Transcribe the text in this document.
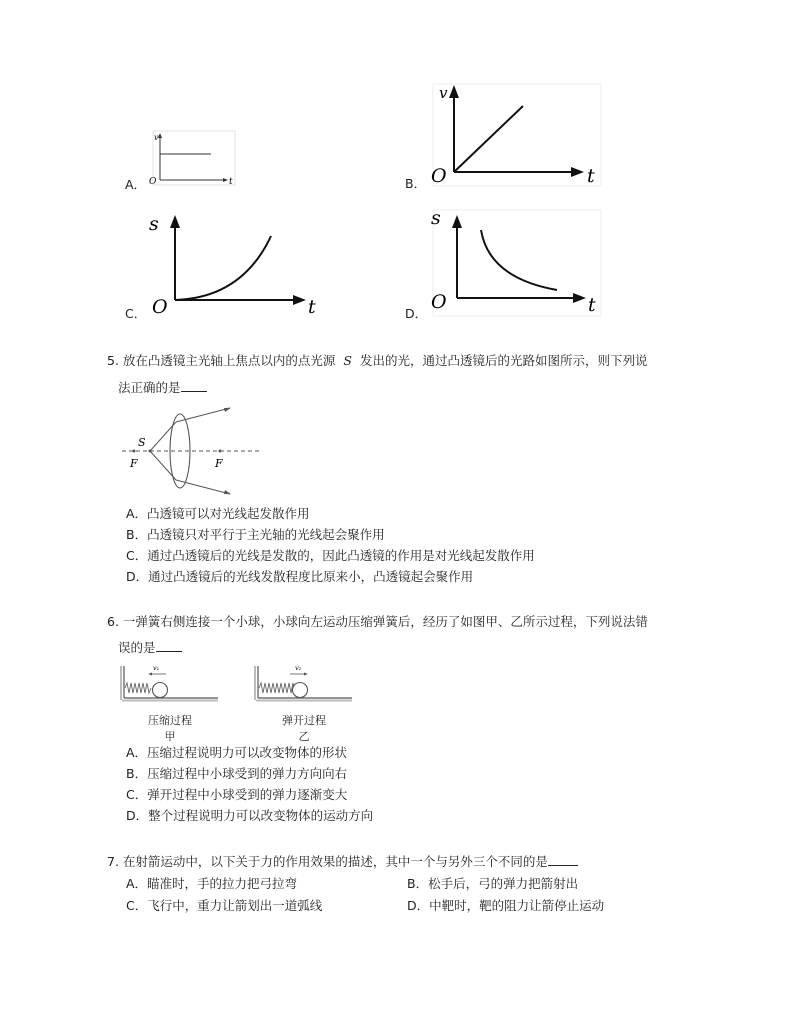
A．
v
O	t	B．
v
O	t
C．
s
O	t	D．
s
O	t
5. 放在凸透镜主光轴上焦点以内的点光源 S 发出的光，通过凸透镜后的光路如图所示，则下列说
法正确的是
S
F	F
A．凸透镜可以对光线起发散作用
B．凸透镜只对平行于主光轴的光线起会聚作用
C．通过凸透镜后的光线是发散的，因此凸透镜的作用是对光线起发散作用
D．通过凸透镜后的光线发散程度比原来小，凸透镜起会聚作用
6. 一弹簧右侧连接一个小球，小球向左运动压缩弹簧后，经历了如图甲、乙所示过程，下列说法错
误的是
v₁
压缩过程
甲
v₂
弹开过程
乙
A．压缩过程说明力可以改变物体的形状
B．压缩过程中小球受到的弹力方向向右
C．弹开过程中小球受到的弹力逐渐变大
D．整个过程说明力可以改变物体的运动方向
7. 在射箭运动中，以下关于力的作用效果的描述，其中一个与另外三个不同的是
A．瞄准时，手的拉力把弓拉弯	B．松手后，弓的弹力把箭射出
C．飞行中，重力让箭划出一道弧线	D．中靶时，靶的阻力让箭停止运动
